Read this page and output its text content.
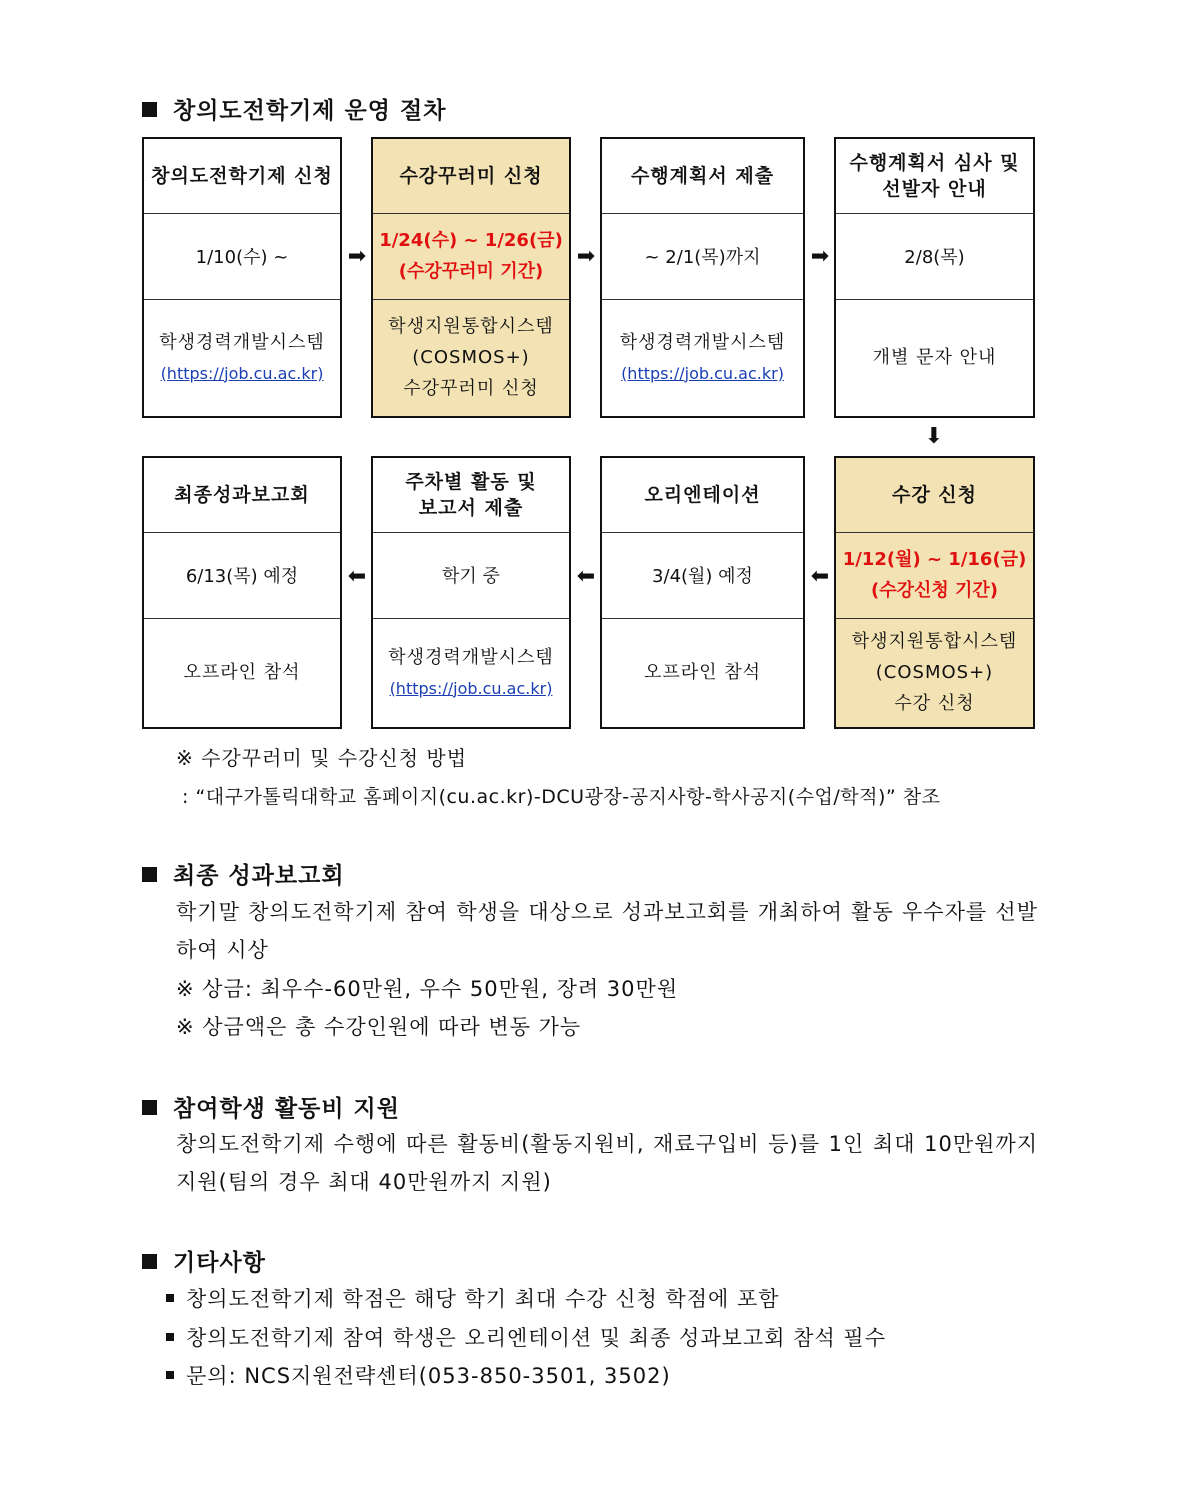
창의도전학기제 운영 절차
창의도전학기제 신청
1/10(수) ~
학생경력개발시스템
(https://job.cu.ac.kr)
➡
수강꾸러미 신청
1/24(수) ~ 1/26(금)
(수강꾸러미 기간)
학생지원통합시스템
(COSMOS+)
수강꾸러미 신청
➡
수행계획서 제출
~ 2/1(목)까지
학생경력개발시스템
(https://job.cu.ac.kr)
➡
수행계획서 심사 및
선발자 안내
2/8(목)
개별 문자 안내
⬇
최종성과보고회
6/13(목) 예정
오프라인 참석
⬅
주차별 활동 및
보고서 제출
학기 중
학생경력개발시스템
(https://job.cu.ac.kr)
⬅
오리엔테이션
3/4(월) 예정
오프라인 참석
⬅
수강 신청
1/12(월) ~ 1/16(금)
(수강신청 기간)
학생지원통합시스템
(COSMOS+)
수강 신청
※ 수강꾸러미 및 수강신청 방법
: “대구가톨릭대학교 홈페이지(cu.ac.kr)-DCU광장-공지사항-학사공지(수업/학적)” 참조
최종 성과보고회
학기말 창의도전학기제 참여 학생을 대상으로 성과보고회를 개최하여 활동 우수자를 선발하여 시상
※ 상금: 최우수-60만원, 우수 50만원, 장려 30만원
※ 상금액은 총 수강인원에 따라 변동 가능
참여학생 활동비 지원
창의도전학기제 수행에 따른 활동비(활동지원비, 재료구입비 등)를 1인 최대 10만원까지 지원(팀의 경우 최대 40만원까지 지원)
기타사항
창의도전학기제 학점은 해당 학기 최대 수강 신청 학점에 포함
창의도전학기제 참여 학생은 오리엔테이션 및 최종 성과보고회 참석 필수
문의: NCS지원전략센터(053-850-3501, 3502)
